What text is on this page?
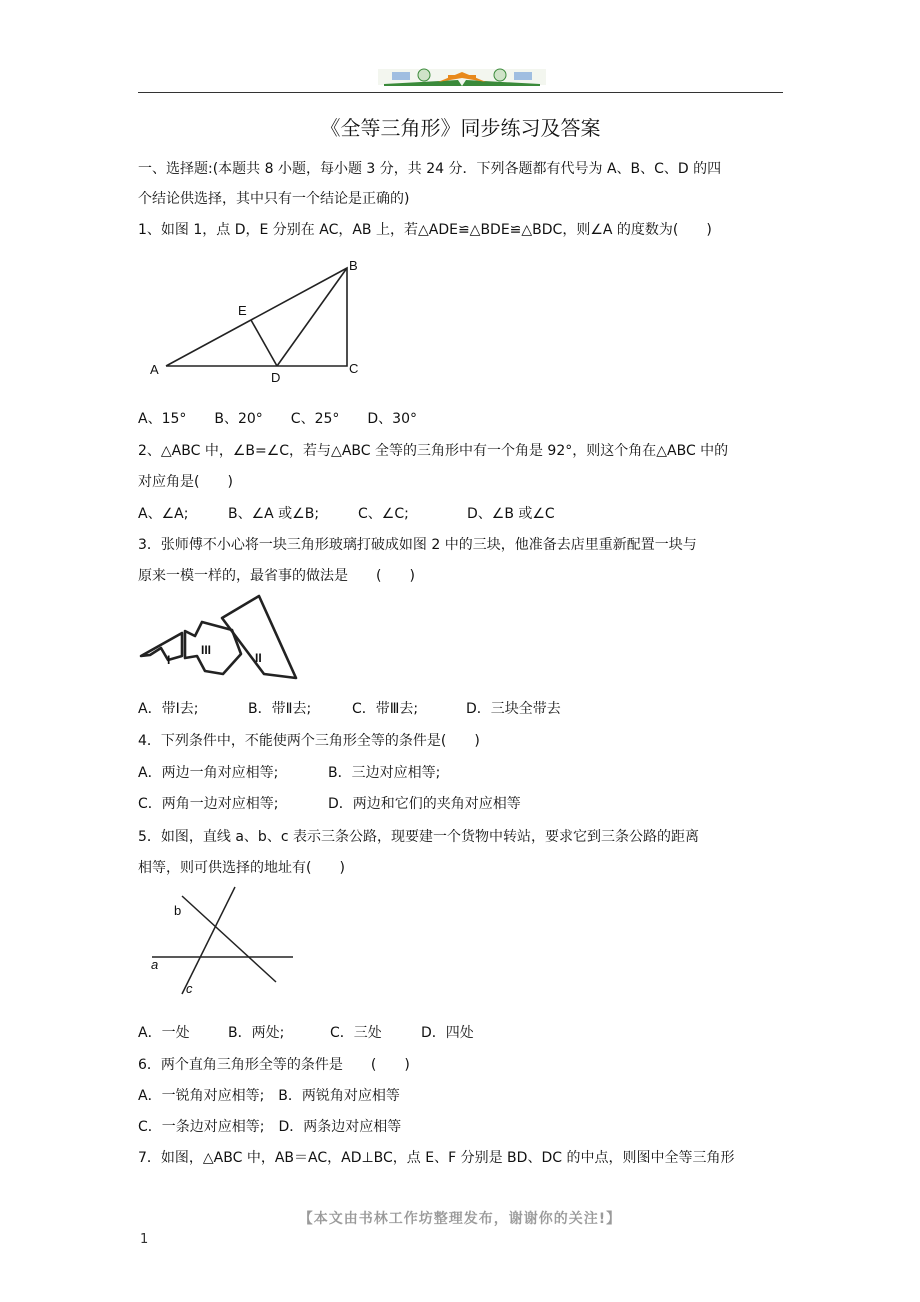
《全等三角形》同步练习及答案
一、选择题:(本题共 8 小题，每小题 3 分，共 24 分．下列各题都有代号为 A、B、C、D 的四
个结论供选择，其中只有一个结论是正确的)
1、如图 1，点 D，E 分别在 AC，AB 上，若△ADE≌△BDE≌△BDC，则∠A 的度数为(　　)
A
B
C
D
E
A、15°　　B、20°　　C、25°　　D、30°
2、△ABC 中，∠B=∠C，若与△ABC 全等的三角形中有一个角是 92°，则这个角在△ABC 中的
对应角是(　　)
A、∠A;	B、∠A 或∠B;	C、∠C;	D、∠B 或∠C
3．张师傅不小心将一块三角形玻璃打破成如图 2 中的三块，他准备去店里重新配置一块与
原来一模一样的，最省事的做法是　　(　　)
I
III
II
A．带Ⅰ去;	B．带Ⅱ去;	C．带Ⅲ去;	D．三块全带去
4．下列条件中，不能使两个三角形全等的条件是(　　)
A．两边一角对应相等;	B．三边对应相等;
C．两角一边对应相等;	D．两边和它们的夹角对应相等
5．如图，直线 a、b、c 表示三条公路，现要建一个货物中转站，要求它到三条公路的距离
相等，则可供选择的地址有(　　)
a
b
c
A．一处	B．两处;	C．三处	D．四处
6．两个直角三角形全等的条件是　　(　　)
A．一锐角对应相等;　B．两锐角对应相等
C．一条边对应相等;　D．两条边对应相等
7．如图，△ABC 中，AB＝AC，AD⊥BC，点 E、F 分别是 BD、DC 的中点，则图中全等三角形
【本文由书林工作坊整理发布，谢谢你的关注!】
1
